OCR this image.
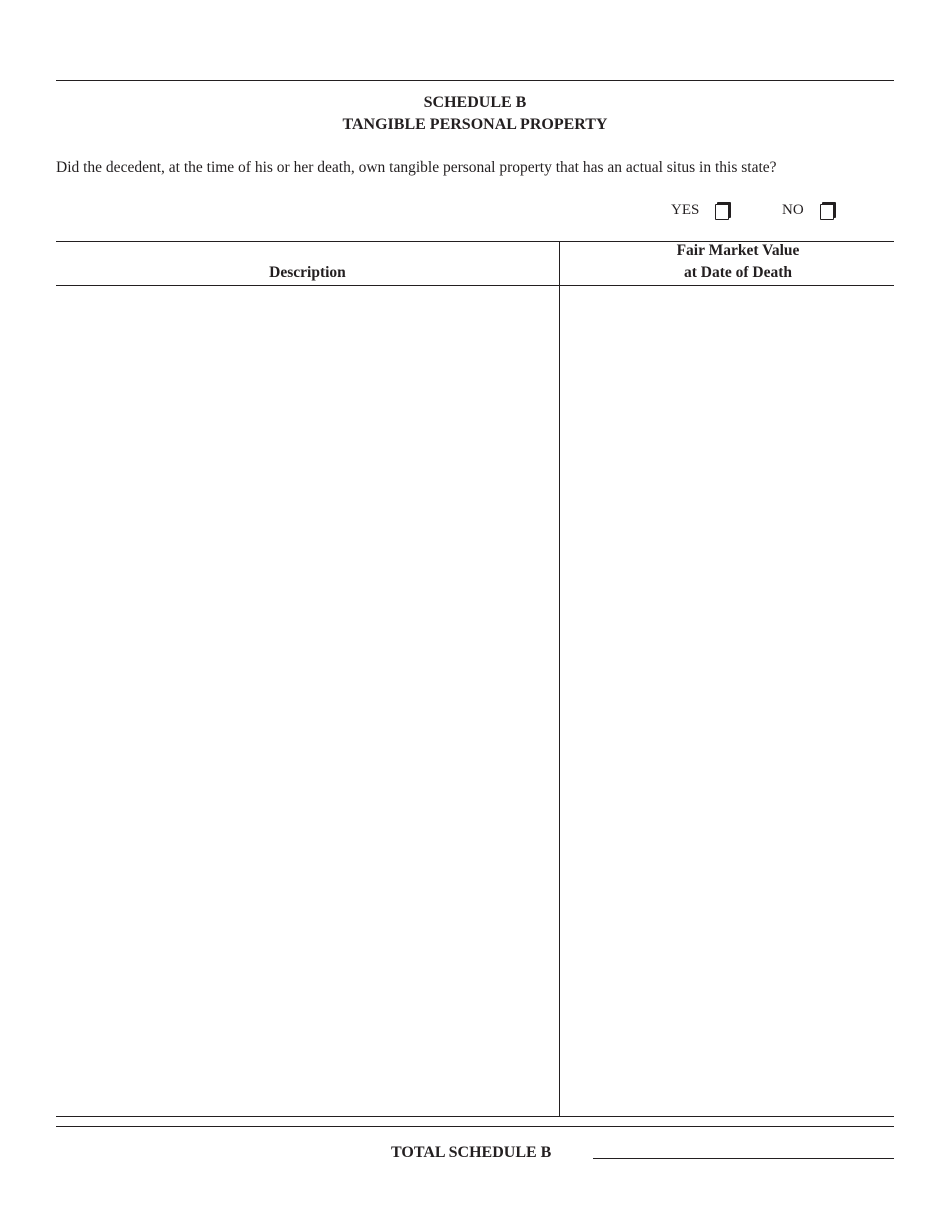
SCHEDULE B
TANGIBLE PERSONAL PROPERTY
Did the decedent, at the time of his or her death, own tangible personal property that has an actual situs in this state?
YES	NO
Description
Fair Market Value
at Date of Death
TOTAL SCHEDULE B
